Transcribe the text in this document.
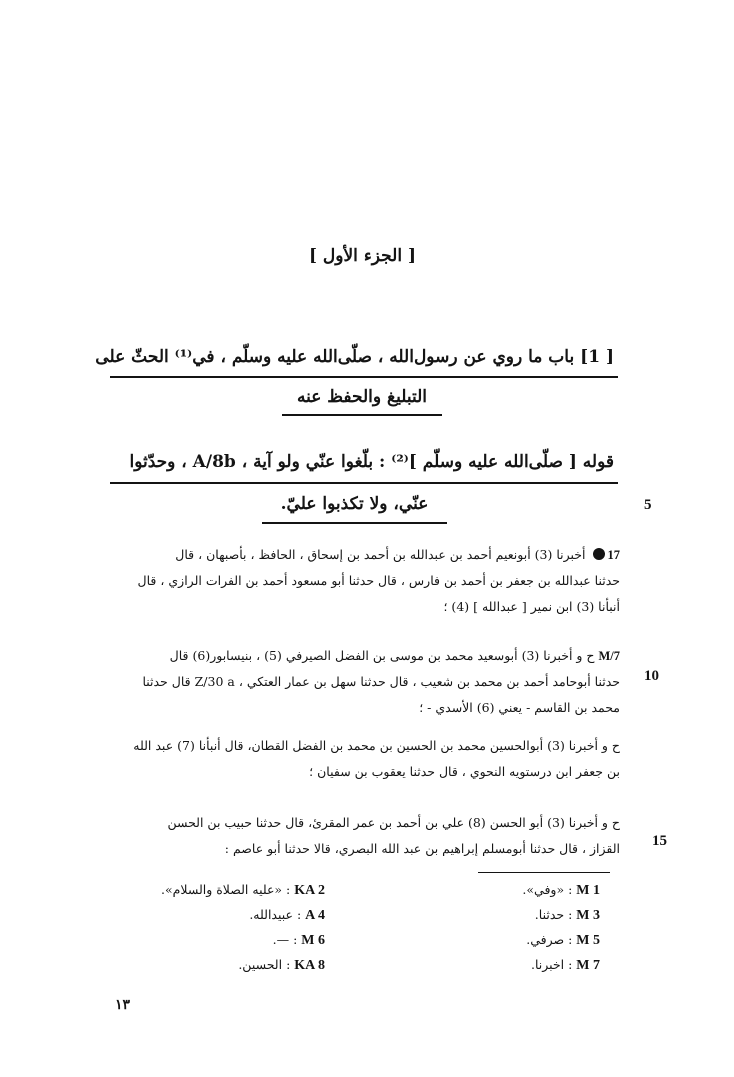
[ الجزء الأول ]
[ 1] باب ما روي عن رسول‌الله ، صلّى‌الله عليه وسلّم ، في⁽¹⁾ الحثّ على
التبليغ والحفظ عنه
قوله [ صلّى‌الله عليه وسلّم ]⁽²⁾ : بلّغوا عنّي ولو آية ، A/8b ، وحدّثوا
عنّي، ولا تكذبوا عليّ.	5
10
15
17 أخبرنا (3) أبونعيم أحمد بن عبدالله بن أحمد بن إسحاق ، الحافظ ، بأصبهان ، قال
حدثنا عبدالله بن جعفر بن أحمد بن فارس ، قال حدثنا أبو مسعود أحمد بن الفرات الرازي ، قال
أنبأنا (3) ابن نمير [ عبدالله ] (4) ؛
M/7 ح و أخبرنا (3) أبوسعيد محمد بن موسى بن الفضل الصيرفي (5) ، بنيسابور(6) قال
حدثنا أبوحامد أحمد بن محمد بن شعيب ، قال حدثنا سهل بن عمار العتكي ، Z/30 a قال حدثنا
محمد بن القاسم - يعني (6) الأسدي - ؛
ح و أخبرنا (3) أبوالحسين محمد بن الحسين بن محمد بن الفضل القطان، قال أنبأنا (7) عبد الله
بن جعفر ابن درستويه النحوي ، قال حدثنا يعقوب بن سفيان ؛
ح و أخبرنا (3) أبو الحسن (8) علي بن أحمد بن عمر المقرئ، قال حدثنا حبيب بن الحسن
القزاز ، قال حدثنا أبومسلم إبراهيم بن عبد الله البصري، قالا حدثنا أبو عاصم :
M 1 : «وفي».
M 3 : حدثنا.
M 5 : صرفي.
M 7 : اخبرنا.
KA 2 : «عليه الصلاة والسلام».
A 4 : عبيدالله.
M 6 : —.
KA 8 : الحسين.
١٣
